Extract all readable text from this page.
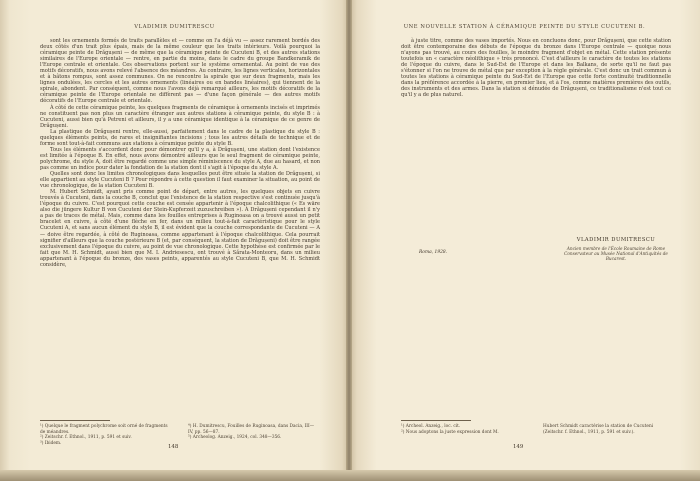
VLADIMIR DUMITRESCU

sont les ornements formés de traits parallèles et — comme on l'a déjà vu — assez rarement bordés des deux côtés d'un trait plus épais, mais de la même couleur que les traits intérieurs. Voilà pourquoi la céramique peinte de Drăgușeni — de même que la céramique peinte de Cucuteni B, et des autres stations similaires de l'Europe orientale — rentre, en partie du moins, dans le cadre du groupe Bandkeramik de l'Europe centrale et orientale. Ces observations portent sur le système ornemental. Au point de vue des motifs décoratifs, nous avons relevé l'absence des méandres. Au contraire, les lignes verticales, horizontales et à bâtons rompus, sont assez communes. On ne rencontre la spirale que sur deux fragments, mais les lignes ondulées, les cercles et les autres ornements (linéaires ou en bandes linéaires), qui tiennent de la spirale, abondent. Par conséquent, comme nous l'avons déjà remarqué ailleurs, les motifs décoratifs de la céramique peinte de l'Europe orientale ne diffèrent pas — d'une façon générale — des autres motifs décoratifs de l'Europe centrale et orientale.

À côté de cette céramique peinte, les quelques fragments de céramique à ornements incisés et imprimés ne constituent pas non plus un caractère étranger aux autres stations à céramique peinte, du style B : à Cucuteni, aussi bien qu'à Petreni et ailleurs, il y a une céramique identique à la céramique de ce genre de Drăgușeni.

La plastique de Drăgușeni rentre, elle-aussi, parfaitement dans le cadre de la plastique du style B : quelques éléments peints, de rares et insignifiantes incisions ; tous les autres détails de technique et de forme sont tout-à-fait communs aux stations à céramique peinte du style B.

Tous les éléments s'accordent donc pour démontrer qu'il y a, à Drăgușeni, une station dont l'existence est limitée à l'époque B. En effet, nous avons démontré ailleurs que le seul fragment de céramique peinte, polychrome, du style A, doit être regardé comme une simple réminiscence du style A, due au hasard, et non pas comme un indice pour dater la fondation de la station dont il s'agit à l'époque du style A.

Quelles sont donc les limites chronologiques dans lesquelles peut être située la station de Drăgușeni, si elle appartient au style Cucuteni B ? Pour répondre à cette question il faut examiner la situation, au point de vue chronologique, de la station Cucuteni B.

M. Hubert Schmidt, ayant pris comme point de départ, entre autres, les quelques objets en cuivre trouvés à Cucuteni, dans la couche B, conclut que l'existence de la station respective s'est continuée jusqu'à l'époque du cuivre. C'est pourquoi cette couche est censée appartenir à l'époque chalcolithique (« Es wäre also die jüngere Kultur B von Cucuteni der Stein-Kupferzeit zuzuschreiben »). À Drăgușeni cependant il n'y a pas de traces de métal. Mais, comme dans les fouilles entreprises à Ruginoasa on a trouvé aussi un petit bracelet en cuivre, à côté d'une flèche en fer, dans un milieu tout-à-fait caractéristique pour le style Cucuteni A, et sans aucun élément du style B, il est évident que la couche correspondante de Cucuteni — A — doive être regardée, à côté de Ruginoasa, comme appartenant à l'époque chalcolithique. Cela pourrait signifier d'ailleurs que la couche postérieure B (et, par conséquent, la station de Drăgușeni) doit être rangée exclusivement dans l'époque du cuivre, au point de vue chronologique. Cette hypothèse est confirmée par le fait que M. H. Schmidt, aussi bien que M. I. Andriesescu, ont trouvé à Sărata-Monteoru, dans un milieu appartenant à l'époque du bronze, des vases peints, apparentés au style Cucuteni B, que M. H. Schmidt considère,

¹) Quelque le fragment polychrome soit orné de fragments de méandres.
²) Zeitschr. f. Ethnol., 1911, p. 591 et suiv.
³) Ibidem.
⁴) H. Dumitrescu, Fouilles de Ruginoasa, dans Dacia, III—IV, pp. 56—87.
⁵) Archeolog. Anzeig., 1924, col. 348—356.
148
UNE NOUVELLE STATION À CÉRAMIQUE PEINTE DU STYLE CUCUTENI B.

à juste titre, comme des vases importés. Nous en concluons donc, pour Drăgușeni, que cette station doit être contemporaine des débuts de l'époque du bronze dans l'Europe centrale — quoique nous n'ayons pas trouvé, au cours des fouilles, le moindre fragment d'objet en métal. Cette station présente toutefois un « caractère néolithique » très prononcé. C'est d'ailleurs le caractère de toutes les stations de l'époque du cuivre, dans le Sud-Est de l'Europe et dans les Balkans, de sorte qu'il ne faut pas s'étonner si l'on ne trouve de métal que par exception à la règle générale. C'est donc un trait commun à toutes les stations à céramique peinte du Sud-Est de l'Europe que cette forte continuité traditionnelle dans la préférence accordée à la pierre, en premier lieu, et à l'os, comme matières premières des outils, des instruments et des armes. Dans la station si dénudée de Drăgușeni, ce traditionalisme n'est tout ce qu'il y a de plus naturel.

VLADIMIR DUMITRESCU
Ancien membre de l'École Roumaine de Rome Conservateur au Musée National d'Antiquités de Bucarest.
Roma, 1928.
¹) Archeol. Anzeig., loc. cit.
²) Nous adoptons la juste expression dont M.
Hubert Schmidt caractérise la station de Cucuteni (Zeitschr. f. Ethnol., 1911, p. 591 et suiv.).
149
